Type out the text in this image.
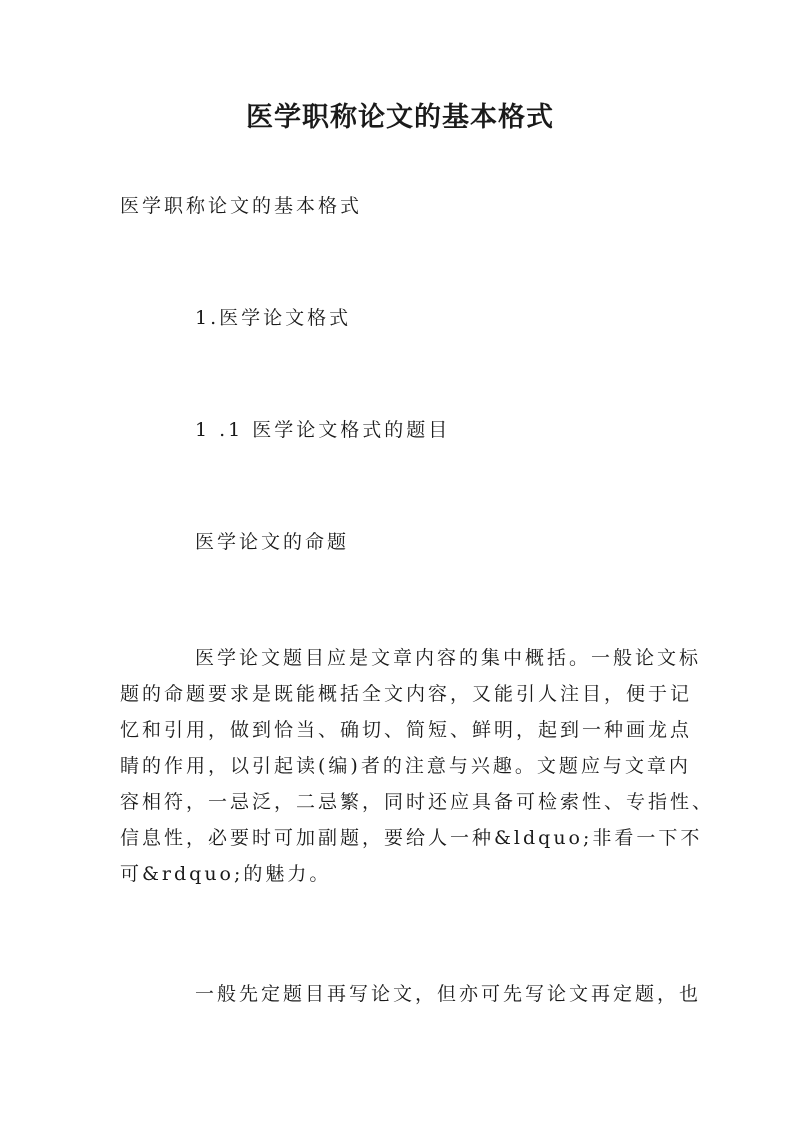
医学职称论文的基本格式

医学职称论文的基本格式

1.医学论文格式

1 .1 医学论文格式的题目

医学论文的命题

医学论文题目应是文章内容的集中概括。一般论文标
题的命题要求是既能概括全文内容，又能引人注目，便于记
忆和引用，做到恰当、确切、简短、鲜明，起到一种画龙点
睛的作用，以引起读(编)者的注意与兴趣。文题应与文章内
容相符，一忌泛，二忌繁，同时还应具备可检索性、专指性、
信息性，必要时可加副题，要给人一种&ldquo;非看一下不
可&rdquo;的魅力。

一般先定题目再写论文，但亦可先写论文再定题，也
